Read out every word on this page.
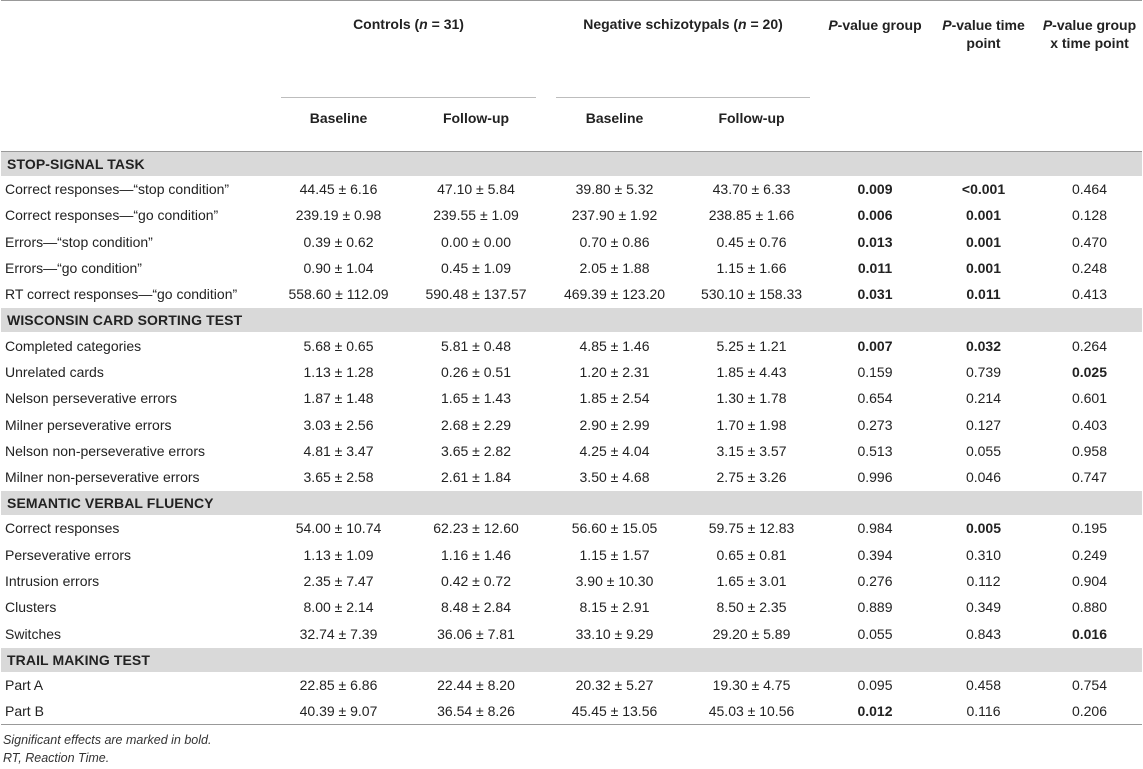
	Controls (n = 31)		Negative schizotypals (n = 20)		P-value group	P-value time point	P-value group x time point
	Baseline	Follow-up	Baseline	Follow-up			

STOP-SIGNAL TASK							
Correct responses—“stop condition”	44.45 ± 6.16	47.10 ± 5.84	39.80 ± 5.32	43.70 ± 6.33	0.009	<0.001	0.464
Correct responses—“go condition”	239.19 ± 0.98	239.55 ± 1.09	237.90 ± 1.92	238.85 ± 1.66	0.006	0.001	0.128
Errors—“stop condition”	0.39 ± 0.62	0.00 ± 0.00	0.70 ± 0.86	0.45 ± 0.76	0.013	0.001	0.470
Errors—“go condition”	0.90 ± 1.04	0.45 ± 1.09	2.05 ± 1.88	1.15 ± 1.66	0.011	0.001	0.248
RT correct responses—“go condition”	558.60 ± 112.09	590.48 ± 137.57	469.39 ± 123.20	530.10 ± 158.33	0.031	0.011	0.413
WISCONSIN CARD SORTING TEST							
Completed categories	5.68 ± 0.65	5.81 ± 0.48	4.85 ± 1.46	5.25 ± 1.21	0.007	0.032	0.264
Unrelated cards	1.13 ± 1.28	0.26 ± 0.51	1.20 ± 2.31	1.85 ± 4.43	0.159	0.739	0.025
Nelson perseverative errors	1.87 ± 1.48	1.65 ± 1.43	1.85 ± 2.54	1.30 ± 1.78	0.654	0.214	0.601
Milner perseverative errors	3.03 ± 2.56	2.68 ± 2.29	2.90 ± 2.99	1.70 ± 1.98	0.273	0.127	0.403
Nelson non-perseverative errors	4.81 ± 3.47	3.65 ± 2.82	4.25 ± 4.04	3.15 ± 3.57	0.513	0.055	0.958
Milner non-perseverative errors	3.65 ± 2.58	2.61 ± 1.84	3.50 ± 4.68	2.75 ± 3.26	0.996	0.046	0.747
SEMANTIC VERBAL FLUENCY							
Correct responses	54.00 ± 10.74	62.23 ± 12.60	56.60 ± 15.05	59.75 ± 12.83	0.984	0.005	0.195
Perseverative errors	1.13 ± 1.09	1.16 ± 1.46	1.15 ± 1.57	0.65 ± 0.81	0.394	0.310	0.249
Intrusion errors	2.35 ± 7.47	0.42 ± 0.72	3.90 ± 10.30	1.65 ± 3.01	0.276	0.112	0.904
Clusters	8.00 ± 2.14	8.48 ± 2.84	8.15 ± 2.91	8.50 ± 2.35	0.889	0.349	0.880
Switches	32.74 ± 7.39	36.06 ± 7.81	33.10 ± 9.29	29.20 ± 5.89	0.055	0.843	0.016
TRAIL MAKING TEST							
Part A	22.85 ± 6.86	22.44 ± 8.20	20.32 ± 5.27	19.30 ± 4.75	0.095	0.458	0.754
Part B	40.39 ± 9.07	36.54 ± 8.26	45.45 ± 13.56	45.03 ± 10.56	0.012	0.116	0.206

Significant effects are marked in bold.
RT, Reaction Time.
